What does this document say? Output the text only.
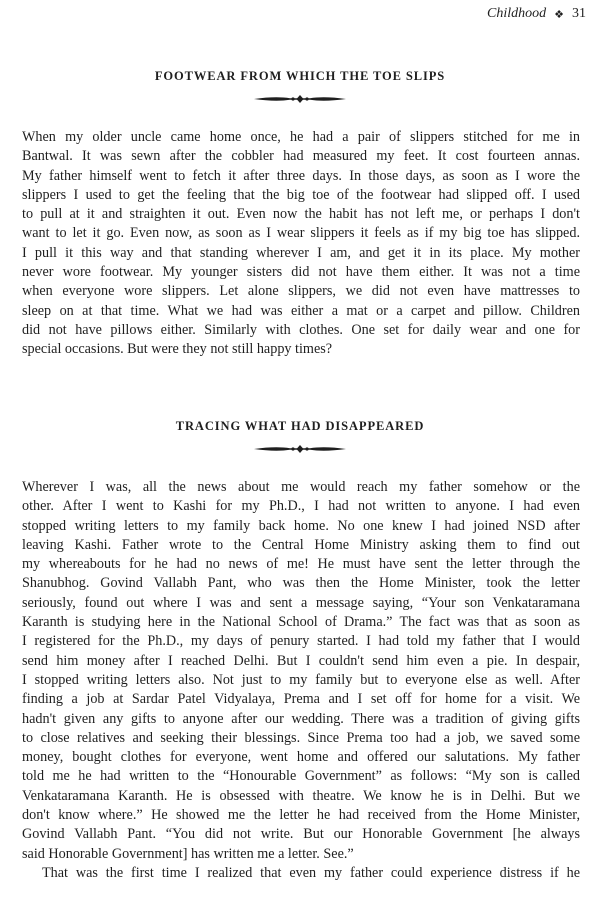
Childhood ❖ 31
FOOTWEAR FROM WHICH THE TOE SLIPS
When my older uncle came home once, he had a pair of slippers stitched for me in
Bantwal. It was sewn after the cobbler had measured my feet. It cost fourteen annas.
My father himself went to fetch it after three days. In those days, as soon as I wore the
slippers I used to get the feeling that the big toe of the footwear had slipped off. I used
to pull at it and straighten it out. Even now the habit has not left me, or perhaps I don't
want to let it go. Even now, as soon as I wear slippers it feels as if my big toe has slipped.
I pull it this way and that standing wherever I am, and get it in its place. My mother
never wore footwear. My younger sisters did not have them either. It was not a time
when everyone wore slippers. Let alone slippers, we did not even have mattresses to
sleep on at that time. What we had was either a mat or a carpet and pillow. Children
did not have pillows either. Similarly with clothes. One set for daily wear and one for
special occasions. But were they not still happy times?
TRACING WHAT HAD DISAPPEARED
Wherever I was, all the news about me would reach my father somehow or the
other. After I went to Kashi for my Ph.D., I had not written to anyone. I had even
stopped writing letters to my family back home. No one knew I had joined NSD after
leaving Kashi. Father wrote to the Central Home Ministry asking them to find out
my whereabouts for he had no news of me! He must have sent the letter through the
Shanubhog. Govind Vallabh Pant, who was then the Home Minister, took the letter
seriously, found out where I was and sent a message saying, “Your son Venkataramana
Karanth is studying here in the National School of Drama.” The fact was that as soon as
I registered for the Ph.D., my days of penury started. I had told my father that I would
send him money after I reached Delhi. But I couldn't send him even a pie. In despair,
I stopped writing letters also. Not just to my family but to everyone else as well. After
finding a job at Sardar Patel Vidyalaya, Prema and I set off for home for a visit. We
hadn't given any gifts to anyone after our wedding. There was a tradition of giving gifts
to close relatives and seeking their blessings. Since Prema too had a job, we saved some
money, bought clothes for everyone, went home and offered our salutations. My father
told me he had written to the “Honourable Government” as follows: “My son is called
Venkataramana Karanth. He is obsessed with theatre. We know he is in Delhi. But we
don't know where.” He showed me the letter he had received from the Home Minister,
Govind Vallabh Pant. “You did not write. But our Honorable Government [he always
said Honorable Government] has written me a letter. See.”
That was the first time I realized that even my father could experience distress if he
